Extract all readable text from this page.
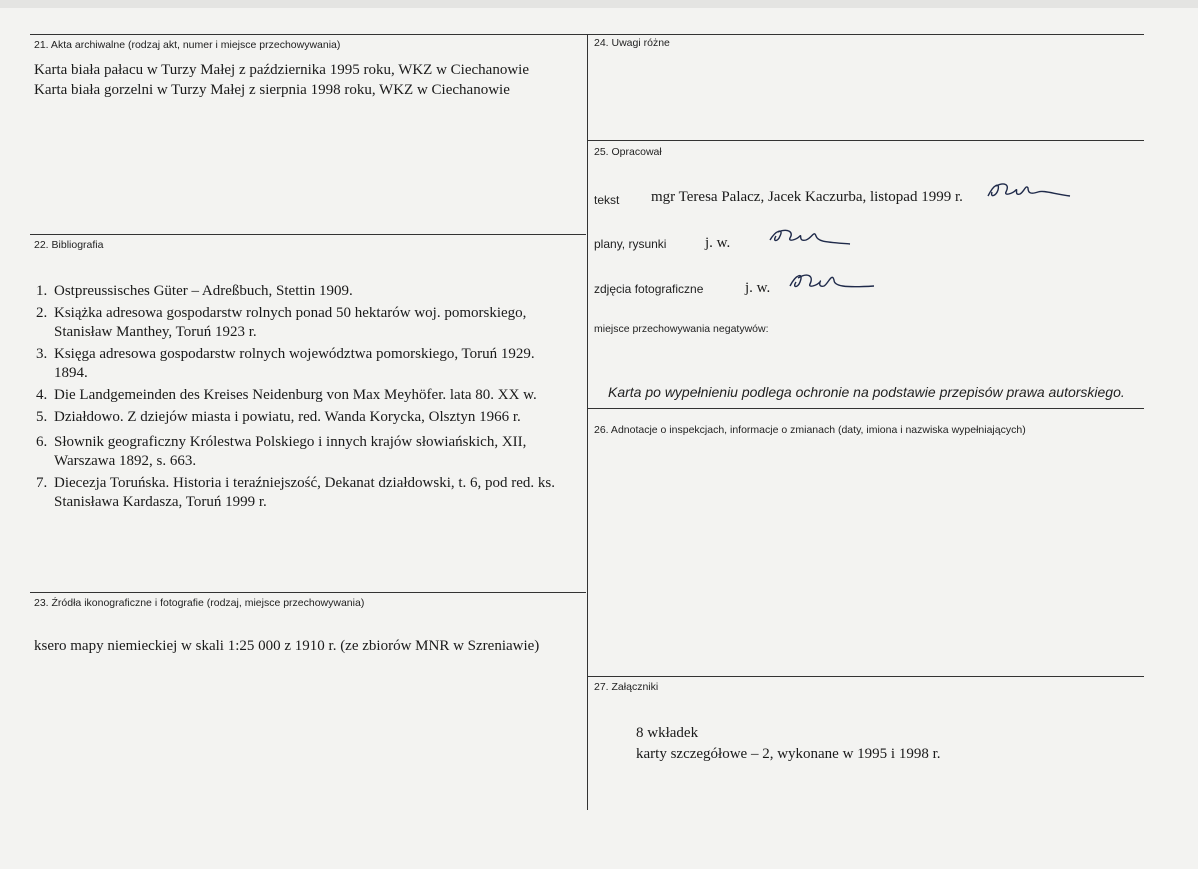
21. Akta archiwalne (rodzaj akt, numer i miejsce przechowywania)
Karta biała pałacu w Turzy Małej z października 1995 roku, WKZ w Ciechanowie
Karta biała gorzelni w Turzy Małej z sierpnia 1998 roku, WKZ w Ciechanowie
22. Bibliografia
1. Ostpreussisches Güter – Adreßbuch, Stettin 1909.
2. Książka adresowa gospodarstw rolnych ponad 50 hektarów woj. pomorskiego,
Stanisław Manthey, Toruń 1923 r.
3. Księga adresowa gospodarstw rolnych województwa pomorskiego, Toruń 1929.
1894.
4. Die Landgemeinden des Kreises Neidenburg von Max Meyhöfer. lata 80. XX w.
5. Działdowo. Z dziejów miasta i powiatu, red. Wanda Korycka, Olsztyn 1966 r.
6. Słownik geograficzny Królestwa Polskiego i innych krajów słowiańskich, XII,
Warszawa 1892, s. 663.
7. Diecezja Toruńska. Historia i teraźniejszość, Dekanat działdowski, t. 6, pod red. ks.
Stanisława Kardasza, Toruń 1999 r.
23. Źródła ikonograficzne i fotografie (rodzaj, miejsce przechowywania)
ksero mapy niemieckiej w skali 1:25 000 z 1910 r. (ze zbiorów MNR w Szreniawie)
24. Uwagi różne
25. Opracował
tekst mgr Teresa Palacz, Jacek Kaczurba, listopad 1999 r.
plany, rysunki	j. w.
zdjęcia fotograficzne	j. w.
miejsce przechowywania negatywów:
Karta po wypełnieniu podlega ochronie na podstawie przepisów prawa autorskiego.
26. Adnotacje o inspekcjach, informacje o zmianach (daty, imiona i nazwiska wypełniających)
27. Załączniki
8 wkładek
karty szczegółowe – 2, wykonane w 1995 i 1998 r.
